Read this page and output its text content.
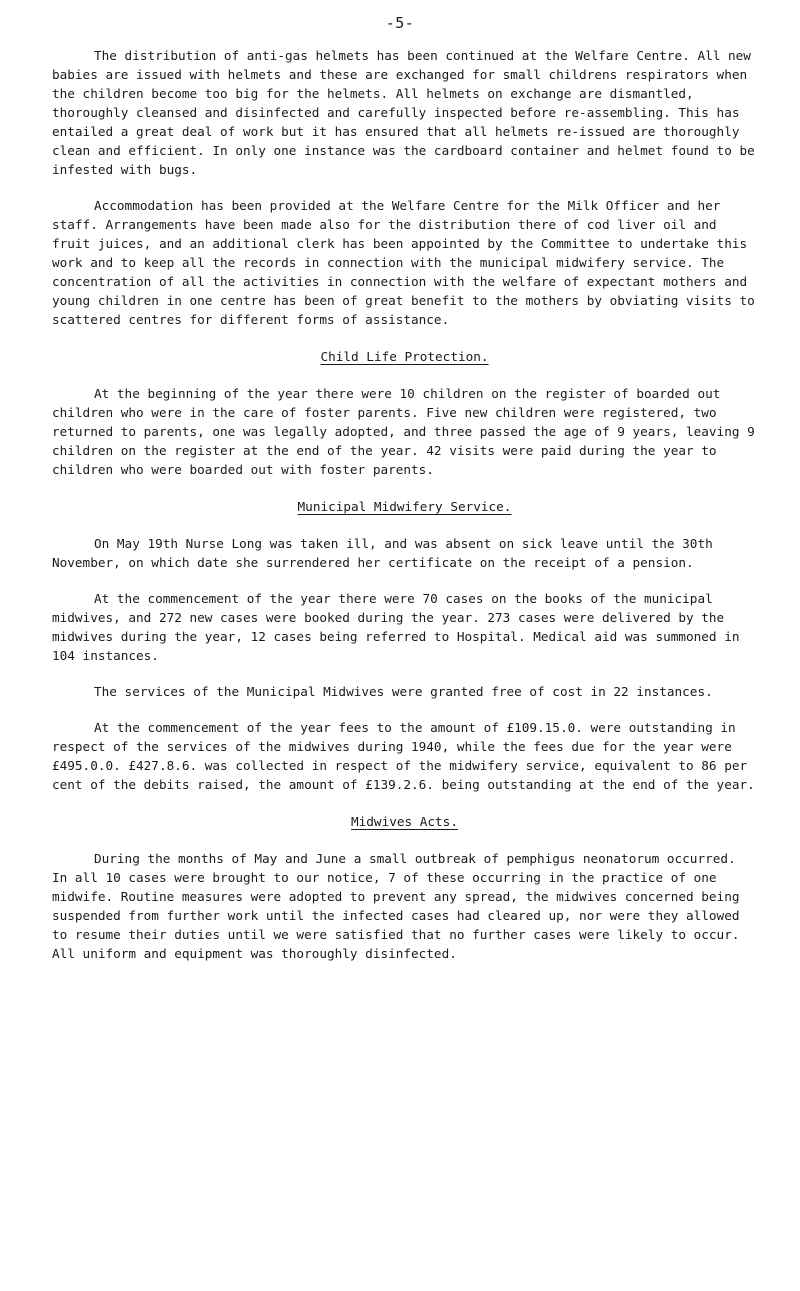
-5-

The distribution of anti-gas helmets has been continued at the Welfare Centre. All new babies are issued with helmets and these are exchanged for small childrens respirators when the children become too big for the helmets. All helmets on exchange are dismantled, thoroughly cleansed and disinfected and carefully inspected before re-assembling. This has entailed a great deal of work but it has ensured that all helmets re-issued are thoroughly clean and efficient. In only one instance was the cardboard container and helmet found to be infested with bugs.

Accommodation has been provided at the Welfare Centre for the Milk Officer and her staff. Arrangements have been made also for the distribution there of cod liver oil and fruit juices, and an additional clerk has been appointed by the Committee to undertake this work and to keep all the records in connection with the municipal midwifery service. The concentration of all the activities in connection with the welfare of expectant mothers and young children in one centre has been of great benefit to the mothers by obviating visits to scattered centres for different forms of assistance.

Child Life Protection.

At the beginning of the year there were 10 children on the register of boarded out children who were in the care of foster parents. Five new children were registered, two returned to parents, one was legally adopted, and three passed the age of 9 years, leaving 9 children on the register at the end of the year. 42 visits were paid during the year to children who were boarded out with foster parents.

Municipal Midwifery Service.

On May 19th Nurse Long was taken ill, and was absent on sick leave until the 30th November, on which date she surrendered her certificate on the receipt of a pension.

At the commencement of the year there were 70 cases on the books of the municipal midwives, and 272 new cases were booked during the year. 273 cases were delivered by the midwives during the year, 12 cases being referred to Hospital. Medical aid was summoned in 104 instances.

The services of the Municipal Midwives were granted free of cost in 22 instances.

At the commencement of the year fees to the amount of £109.15.0. were outstanding in respect of the services of the midwives during 1940, while the fees due for the year were £495.0.0. £427.8.6. was collected in respect of the midwifery service, equivalent to 86 per cent of the debits raised, the amount of £139.2.6. being outstanding at the end of the year.

Midwives Acts.

During the months of May and June a small outbreak of pemphigus neonatorum occurred. In all 10 cases were brought to our notice, 7 of these occurring in the practice of one midwife. Routine measures were adopted to prevent any spread, the midwives concerned being suspended from further work until the infected cases had cleared up, nor were they allowed to resume their duties until we were satisfied that no further cases were likely to occur. All uniform and equipment was thoroughly disinfected.
